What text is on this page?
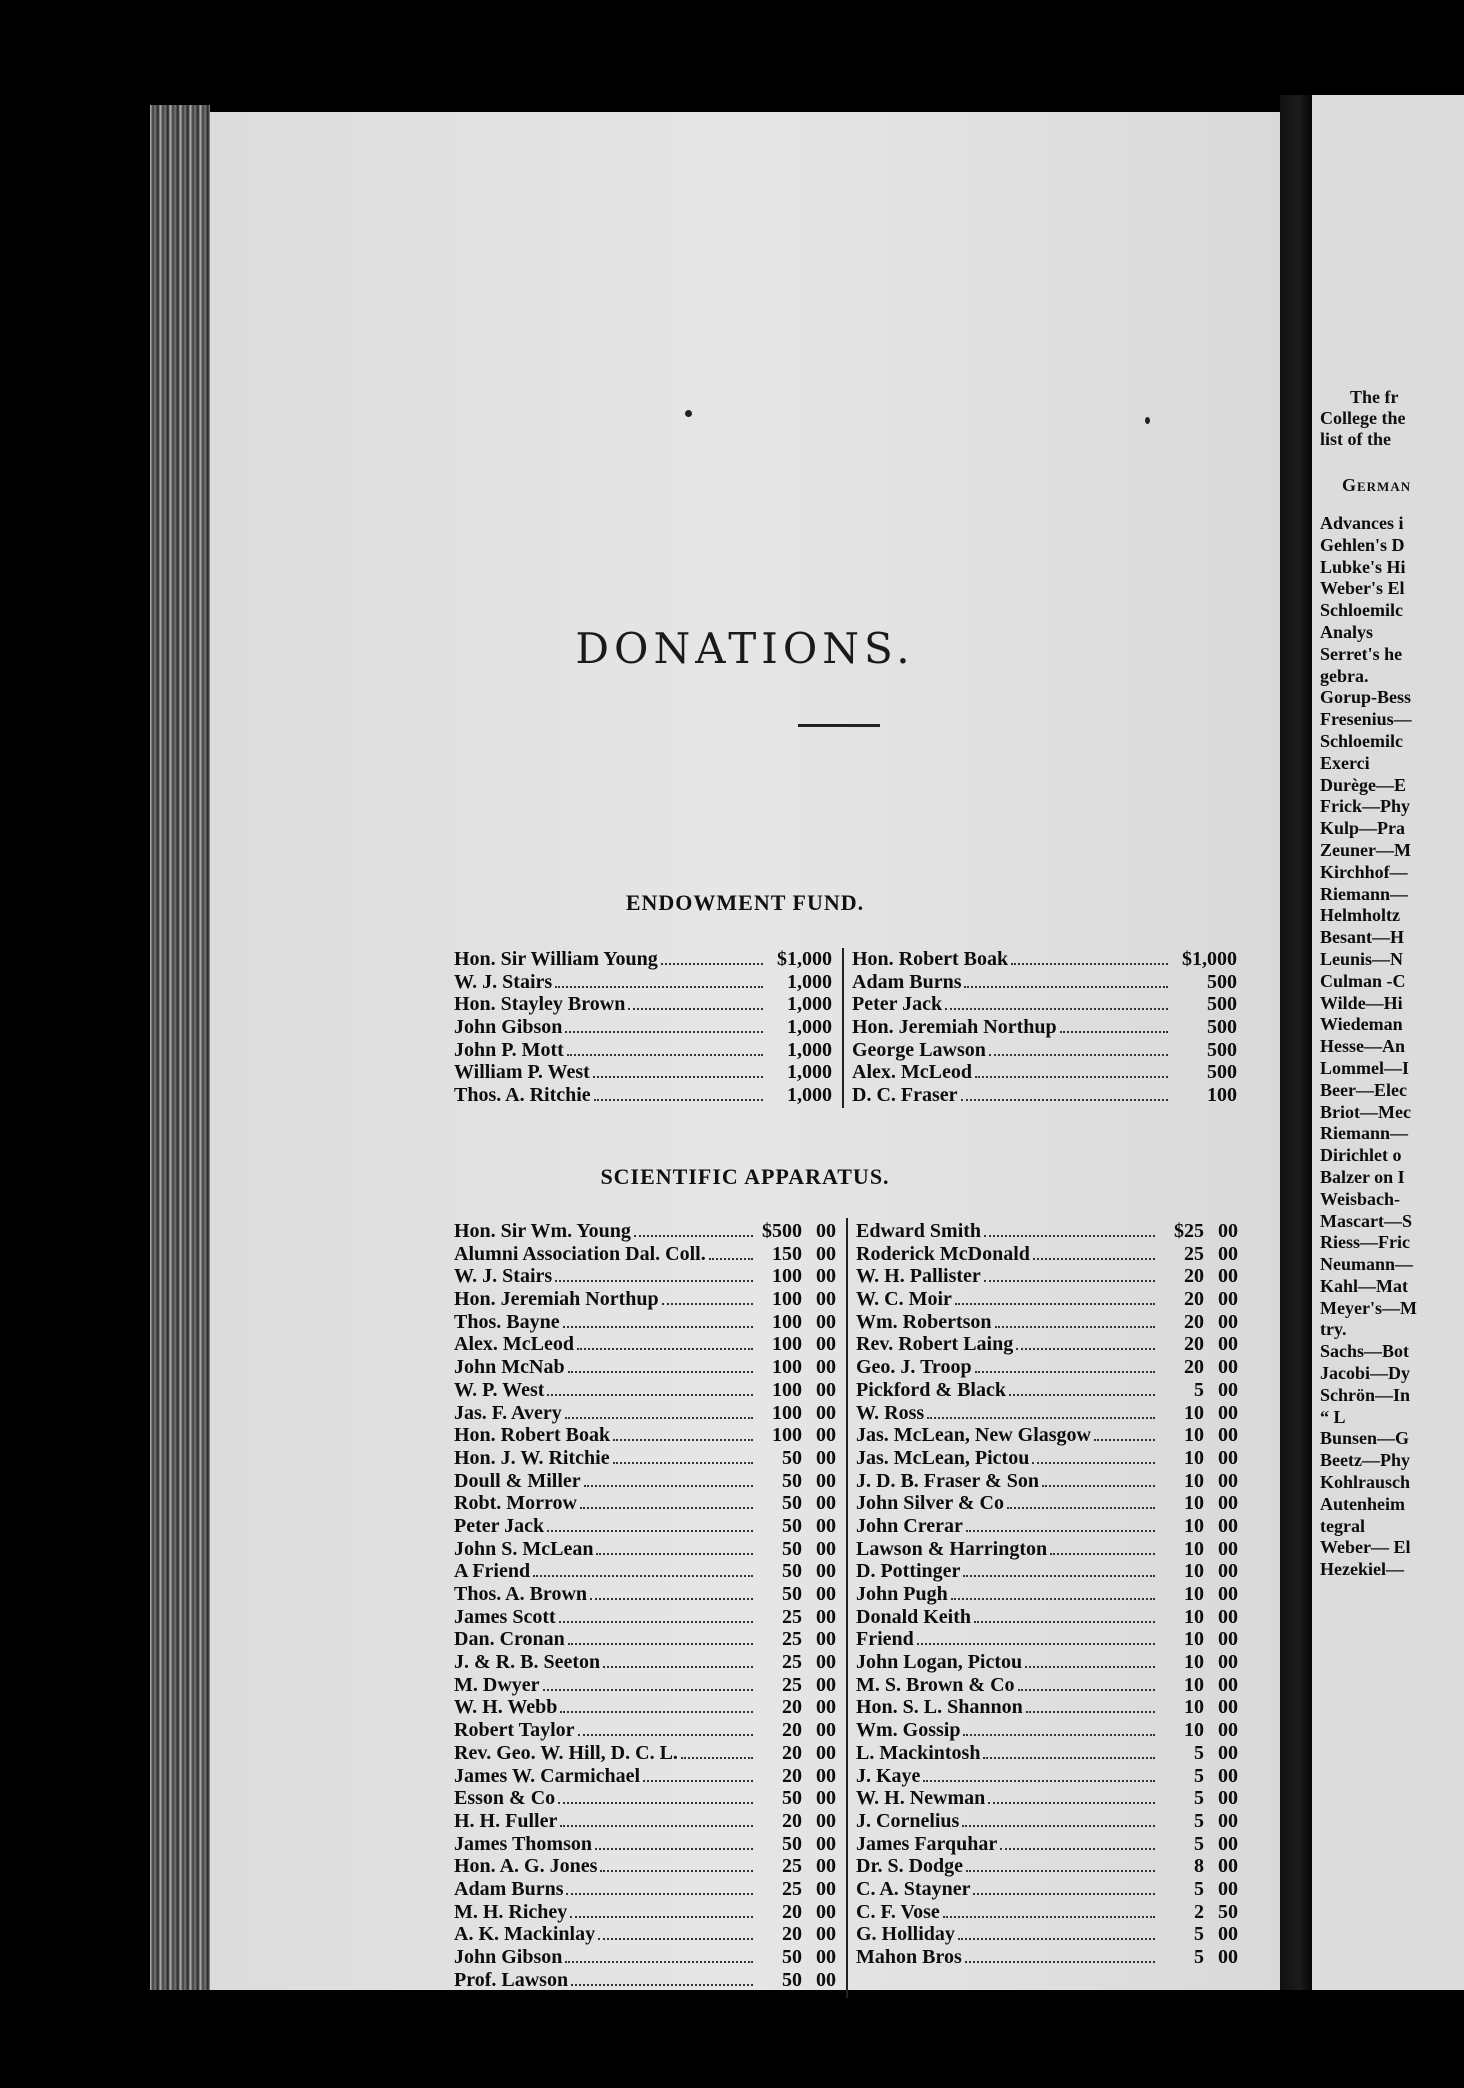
DONATIONS.
ENDOWMENT FUND.
Hon. Sir William Young	$1,000
W. J. Stairs	1,000
Hon. Stayley Brown	1,000
John Gibson	1,000
John P. Mott	1,000
William P. West	1,000
Thos. A. Ritchie	1,000
Hon. Robert Boak	$1,000
Adam Burns	500
Peter Jack	500
Hon. Jeremiah Northup	500
George Lawson	500
Alex. McLeod	500
D. C. Fraser	100
SCIENTIFIC APPARATUS.
Hon. Sir Wm. Young	$500 00
Alumni Association Dal. Coll.	150 00
W. J. Stairs	100 00
Hon. Jeremiah Northup	100 00
Thos. Bayne	100 00
Alex. McLeod	100 00
John McNab	100 00
W. P. West	100 00
Jas. F. Avery	100 00
Hon. Robert Boak	100 00
Hon. J. W. Ritchie	50 00
Doull & Miller	50 00
Robt. Morrow	50 00
Peter Jack	50 00
John S. McLean	50 00
A Friend	50 00
Thos. A. Brown	50 00
James Scott	25 00
Dan. Cronan	25 00
J. & R. B. Seeton	25 00
M. Dwyer	25 00
W. H. Webb	20 00
Robert Taylor	20 00
Rev. Geo. W. Hill, D. C. L.	20 00
James W. Carmichael	20 00
Esson & Co	50 00
H. H. Fuller	20 00
James Thomson	50 00
Hon. A. G. Jones	25 00
Adam Burns	25 00
M. H. Richey	20 00
A. K. Mackinlay	20 00
John Gibson	50 00
Prof. Lawson	50 00
Edward Smith	$25 00
Roderick McDonald	25 00
W. H. Pallister	20 00
W. C. Moir	20 00
Wm. Robertson	20 00
Rev. Robert Laing	20 00
Geo. J. Troop	20 00
Pickford & Black	5 00
W. Ross	10 00
Jas. McLean, New Glasgow	10 00
Jas. McLean, Pictou	10 00
J. D. B. Fraser & Son	10 00
John Silver & Co	10 00
John Crerar	10 00
Lawson & Harrington	10 00
D. Pottinger	10 00
John Pugh	10 00
Donald Keith	10 00
Friend	10 00
John Logan, Pictou	10 00
M. S. Brown & Co	10 00
Hon. S. L. Shannon	10 00
Wm. Gossip	10 00
L. Mackintosh	5 00
J. Kaye	5 00
W. H. Newman	5 00
J. Cornelius	5 00
James Farquhar	5 00
Dr. S. Dodge	8 00
C. A. Stayner	5 00
C. F. Vose	2 50
G. Holliday	5 00
Mahon Bros	5 00
The fr
College the
list of the
German
Advances i
Gehlen's D
Lubke's Hi
Weber's El
Schloemilc
Analys
Serret's he
gebra.
Gorup-Bess
Fresenius—
Schloemilc
Exerci
Durège—E
Frick—Phy
Kulp—Pra
Zeuner—M
Kirchhof—
Riemann—
Helmholtz
Besant—H
Leunis—N
Culman -C
Wilde—Hi
Wiedeman
Hesse—An
Lommel—I
Beer—Elec
Briot—Mec
Riemann—
Dirichlet o
Balzer on I
Weisbach-
Mascart—S
Riess—Fric
Neumann—
Kahl—Mat
Meyer's—M
try.
Sachs—Bot
Jacobi—Dy
Schrön—In
“ L
Bunsen—G
Beetz—Phy
Kohlrausch
Autenheim
tegral
Weber— El
Hezekiel—
